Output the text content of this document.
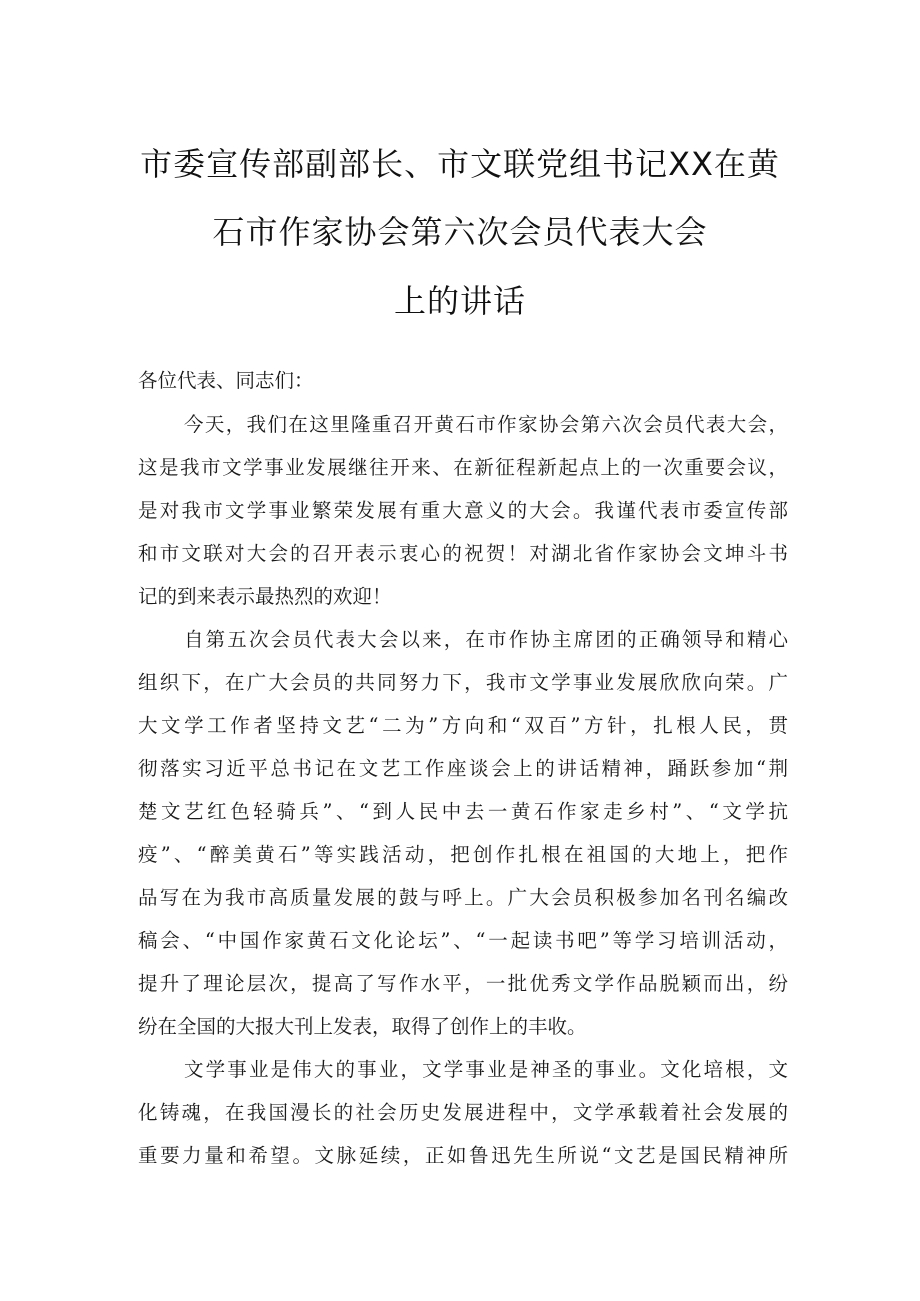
市委宣传部副部长、市文联党组书记XX在黄
石市作家协会第六次会员代表大会
上的讲话
各位代表、同志们：
今天，我们在这里隆重召开黄石市作家协会第六次会员代表大会，
这是我市文学事业发展继往开来、在新征程新起点上的一次重要会议，
是对我市文学事业繁荣发展有重大意义的大会。我谨代表市委宣传部
和市文联对大会的召开表示衷心的祝贺！对湖北省作家协会文坤斗书
记的到来表示最热烈的欢迎！
自第五次会员代表大会以来，在市作协主席团的正确领导和精心
组织下，在广大会员的共同努力下，我市文学事业发展欣欣向荣。广
大文学工作者坚持文艺“二为”方向和“双百”方针，扎根人民，贯
彻落实习近平总书记在文艺工作座谈会上的讲话精神，踊跃参加“荆
楚文艺红色轻骑兵”、“到人民中去一黄石作家走乡村”、“文学抗
疫”、“醉美黄石”等实践活动，把创作扎根在祖国的大地上，把作
品写在为我市高质量发展的鼓与呼上。广大会员积极参加名刊名编改
稿会、“中国作家黄石文化论坛”、“一起读书吧”等学习培训活动，
提升了理论层次，提高了写作水平，一批优秀文学作品脱颖而出，纷
纷在全国的大报大刊上发表，取得了创作上的丰收。
文学事业是伟大的事业，文学事业是神圣的事业。文化培根，文
化铸魂，在我国漫长的社会历史发展进程中，文学承载着社会发展的
重要力量和希望。文脉延续，正如鲁迅先生所说“文艺是国民精神所
